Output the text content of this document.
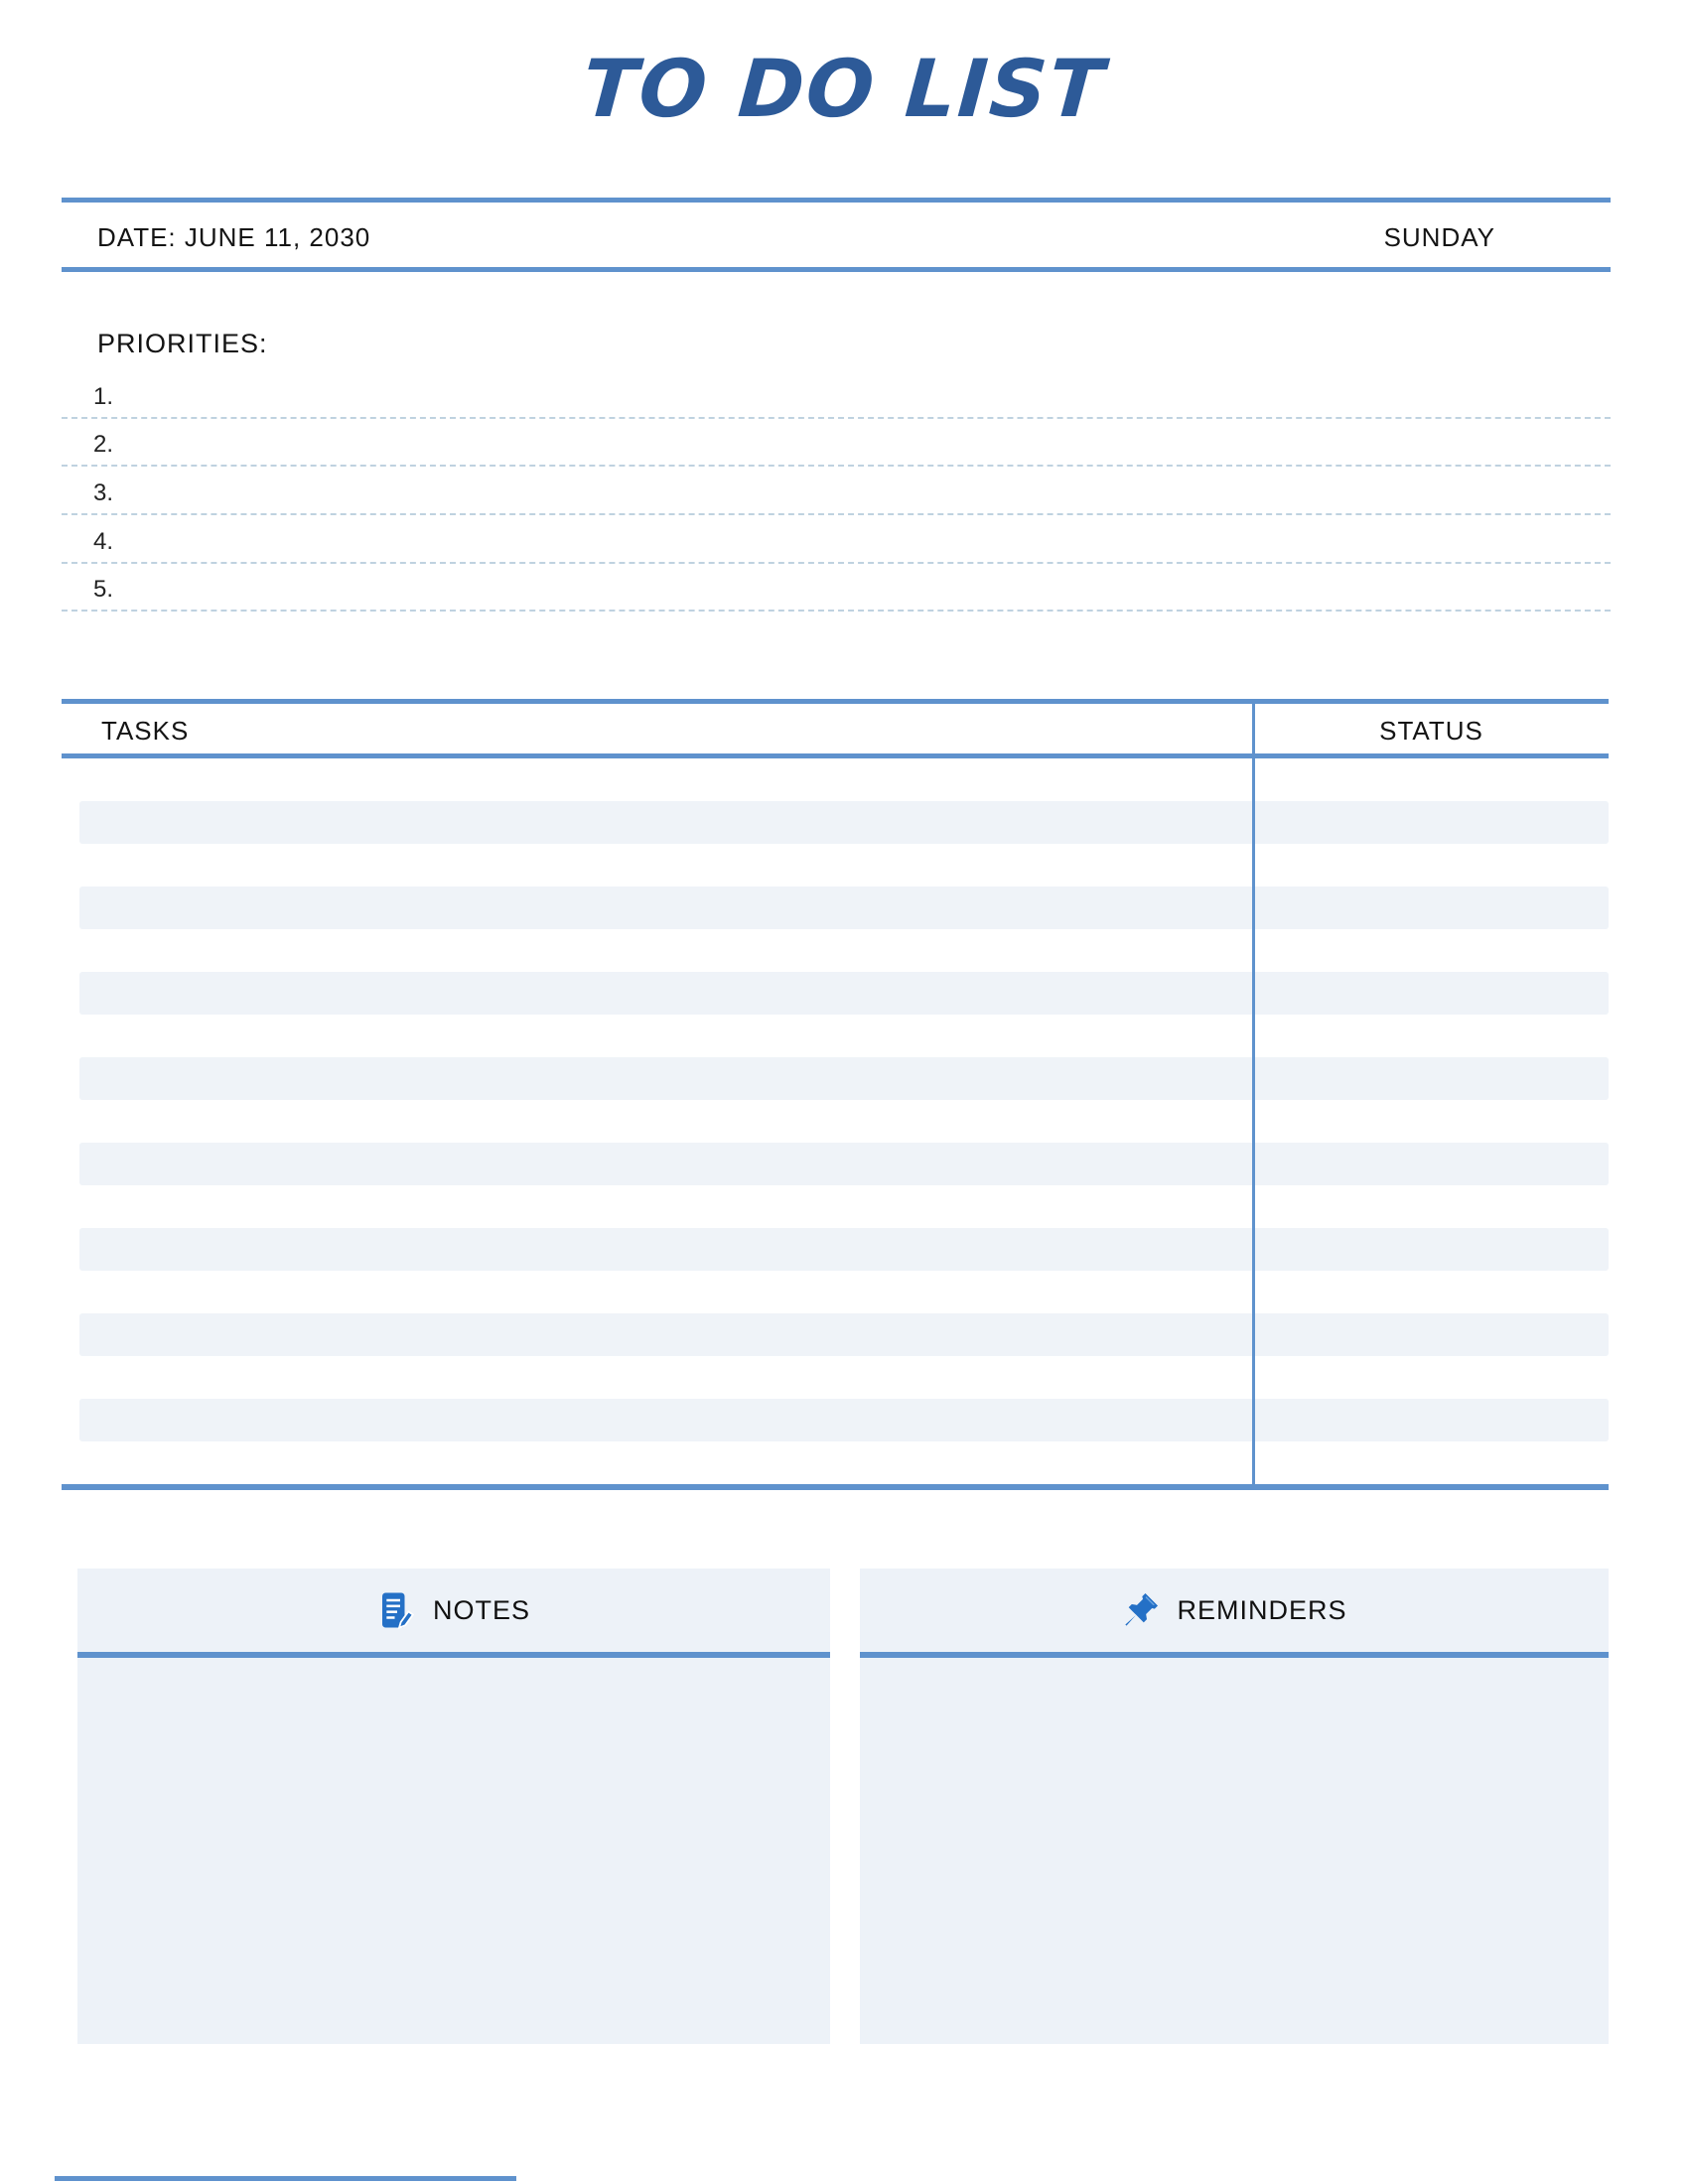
TO DO LIST
DATE: JUNE 11, 2030	SUNDAY
PRIORITIES:
1.
2.
3.
4.
5.
TASKS	STATUS
NOTES	REMINDERS
